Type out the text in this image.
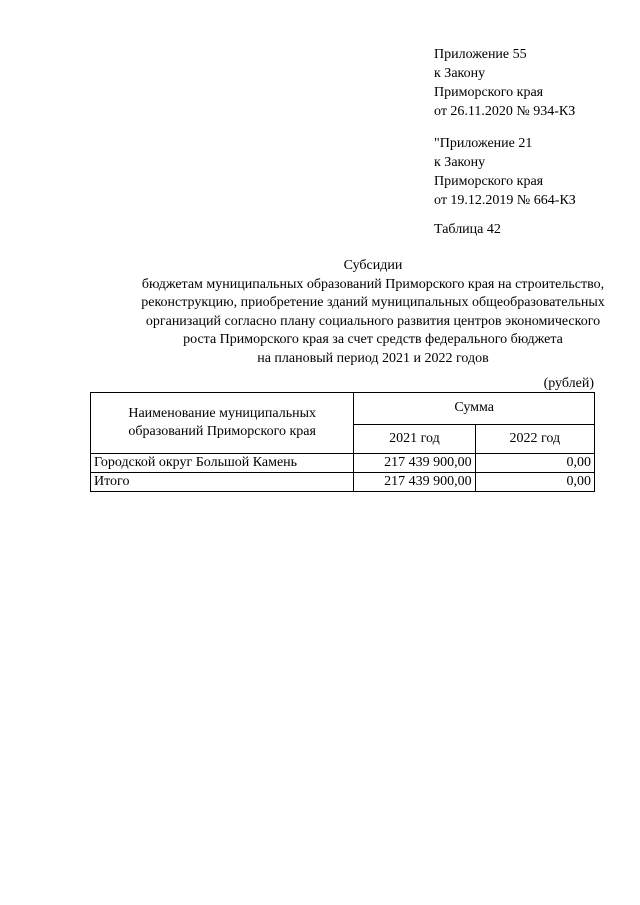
Приложение 55
к Закону
Приморского края
от 26.11.2020 № 934-КЗ
"Приложение 21
к Закону
Приморского края
от 19.12.2019 № 664-КЗ
Таблица 42
Субсидии
бюджетам муниципальных образований Приморского края на строительство,
реконструкцию, приобретение зданий муниципальных общеобразовательных
организаций согласно плану социального развития центров экономического
роста Приморского края за счет средств федерального бюджета
на плановый период 2021 и 2022 годов
(рублей)
Наименование муниципальных
образований Приморского края	Сумма	
	2021 год	2022 год
Городской округ Большой Камень	217 439 900,00	0,00
Итого	217 439 900,00	0,00
